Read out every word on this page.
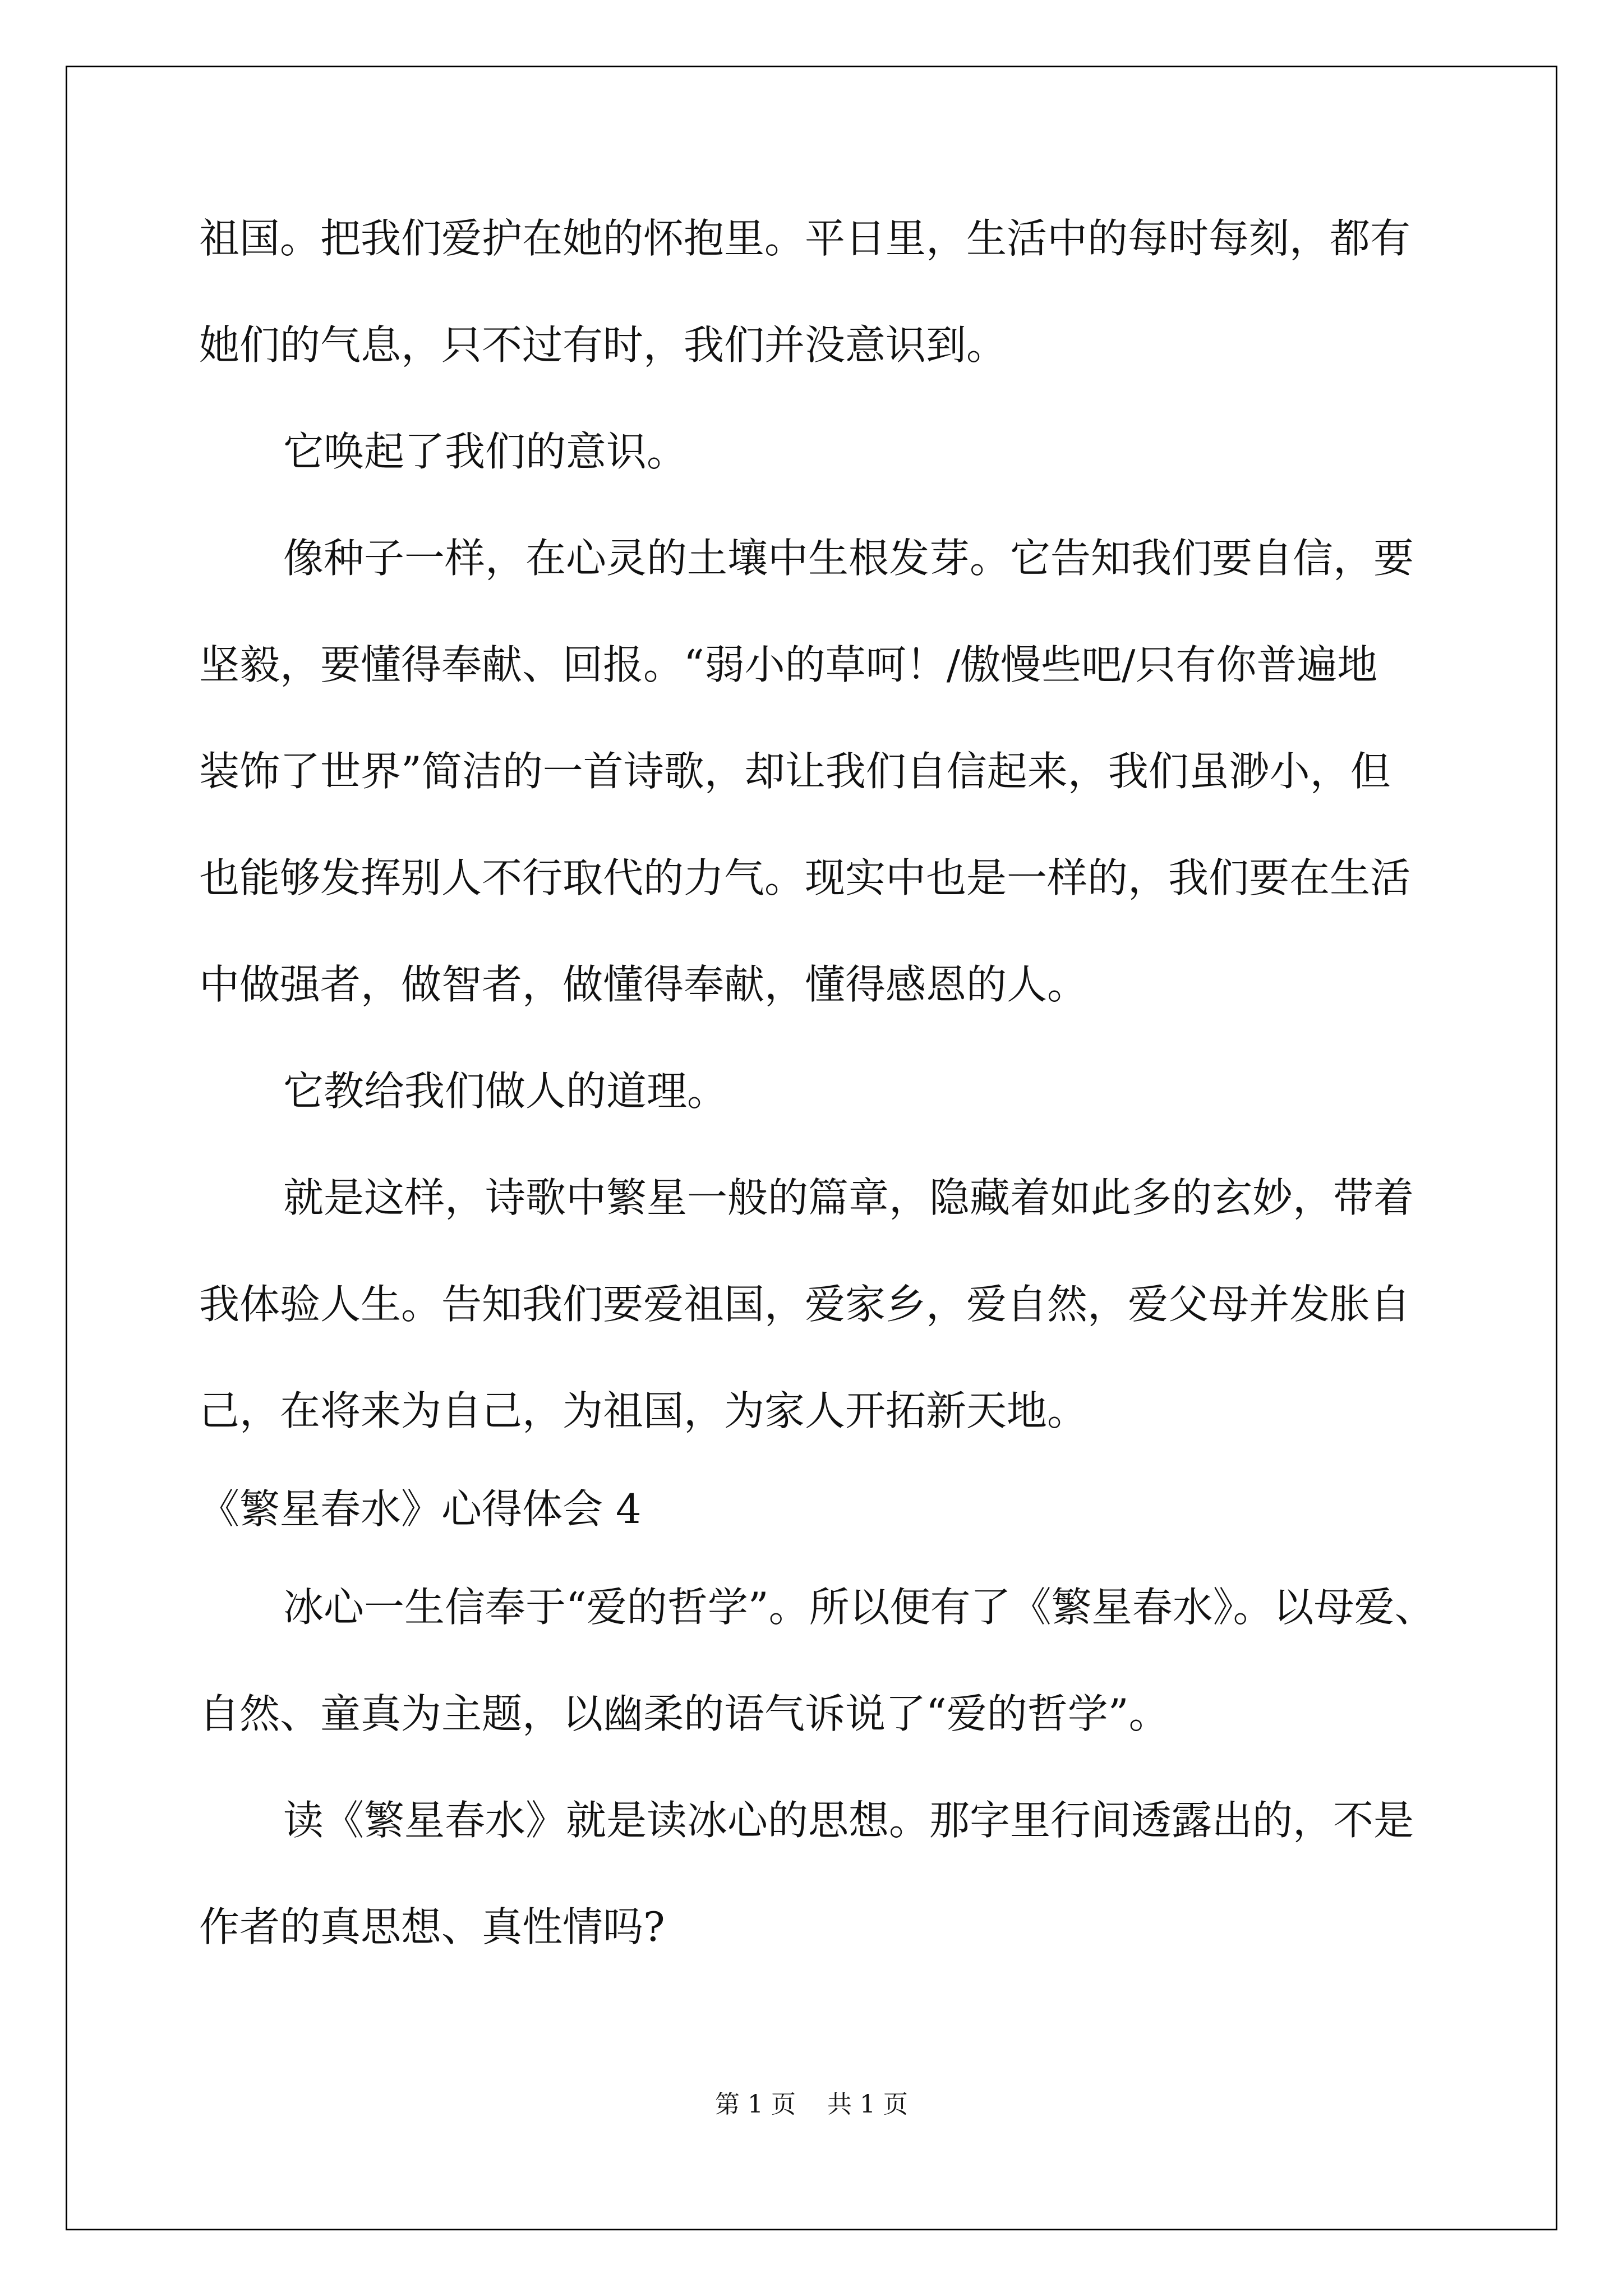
祖国。把我们爱护在她的怀抱里。平日里，生活中的每时每刻，都有
她们的气息，只不过有时，我们并没意识到。
它唤起了我们的意识。
像种子一样，在心灵的土壤中生根发芽。它告知我们要自信，要
坚毅，要懂得奉献、回报。“弱小的草呵！/傲慢些吧/只有你普遍地
装饰了世界”简洁的一首诗歌，却让我们自信起来，我们虽渺小，但
也能够发挥别人不行取代的力气。现实中也是一样的，我们要在生活
中做强者，做智者，做懂得奉献，懂得感恩的人。
它教给我们做人的道理。
就是这样，诗歌中繁星一般的篇章，隐藏着如此多的玄妙，带着
我体验人生。告知我们要爱祖国，爱家乡，爱自然，爱父母并发胀自
己，在将来为自己，为祖国，为家人开拓新天地。
《繁星春水》心得体会 4
冰心一生信奉于“爱的哲学”。所以便有了《繁星春水》。以母爱、
自然、童真为主题，以幽柔的语气诉说了“爱的哲学”。
读《繁星春水》就是读冰心的思想。那字里行间透露出的，不是
作者的真思想、真性情吗?
第 1 页 共 1 页
